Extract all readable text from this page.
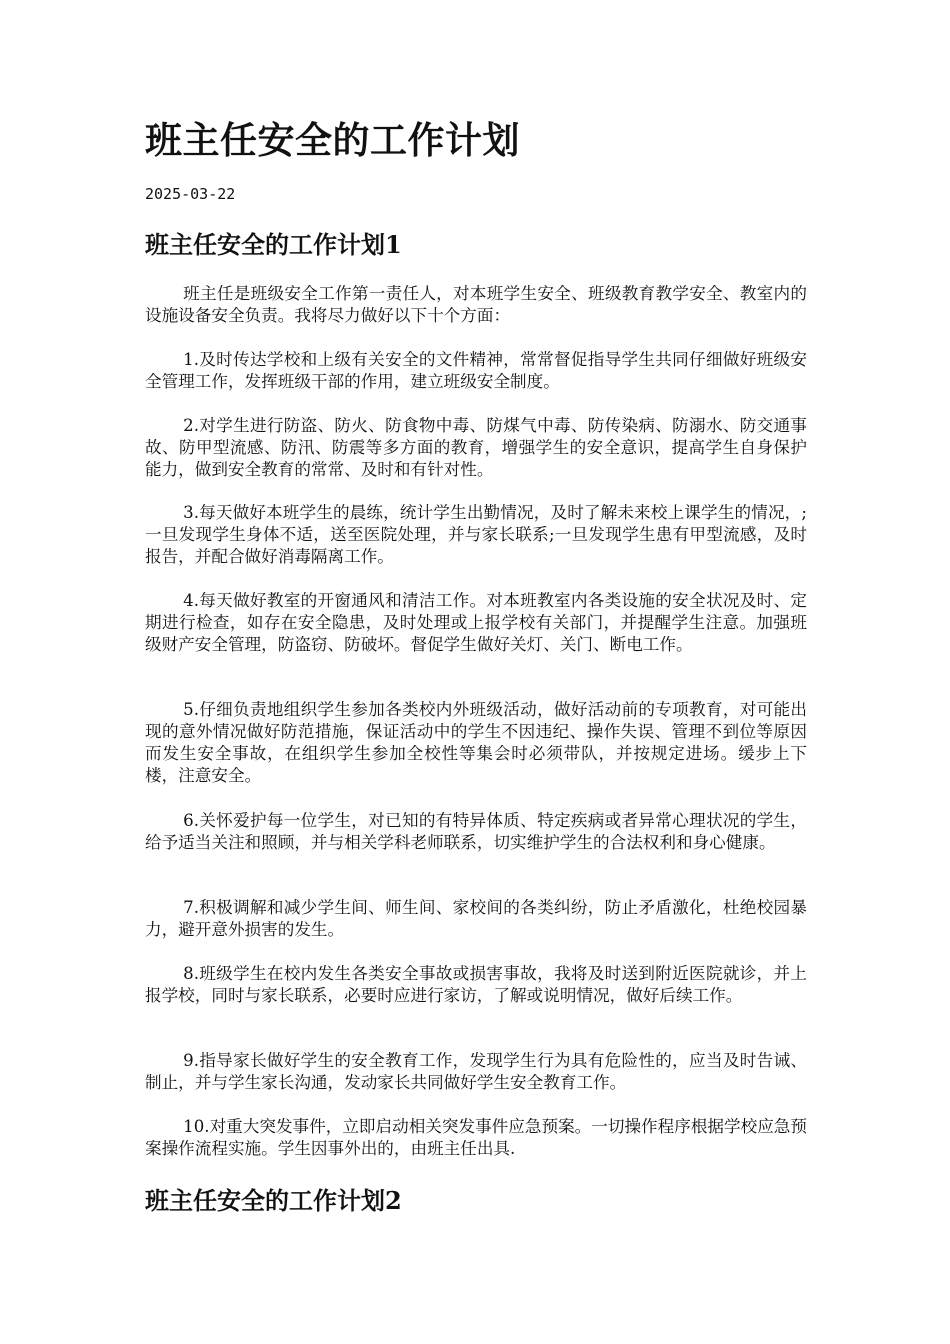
班主任安全的工作计划
2025-03-22
班主任安全的工作计划1

班主任是班级安全工作第一责任人，对本班学生安全、班级教育教学安全、教室内的设施设备安全负责。我将尽力做好以下十个方面：

1.及时传达学校和上级有关安全的文件精神，常常督促指导学生共同仔细做好班级安全管理工作，发挥班级干部的作用，建立班级安全制度。

2.对学生进行防盗、防火、防食物中毒、防煤气中毒、防传染病、防溺水、防交通事故、防甲型流感、防汛、防震等多方面的教育，增强学生的安全意识，提高学生自身保护能力，做到安全教育的常常、及时和有针对性。

3.每天做好本班学生的晨练，统计学生出勤情况，及时了解未来校上课学生的情况，;一旦发现学生身体不适，送至医院处理，并与家长联系;一旦发现学生患有甲型流感，及时报告，并配合做好消毒隔离工作。

4.每天做好教室的开窗通风和清洁工作。对本班教室内各类设施的安全状况及时、定期进行检查，如存在安全隐患，及时处理或上报学校有关部门，并提醒学生注意。加强班级财产安全管理，防盗窃、防破坏。督促学生做好关灯、关门、断电工作。

5.仔细负责地组织学生参加各类校内外班级活动，做好活动前的专项教育，对可能出现的意外情况做好防范措施，保证活动中的学生不因违纪、操作失误、管理不到位等原因而发生安全事故，在组织学生参加全校性等集会时必须带队，并按规定进场。缓步上下楼，注意安全。

6.关怀爱护每一位学生，对已知的有特异体质、特定疾病或者异常心理状况的学生，给予适当关注和照顾，并与相关学科老师联系，切实维护学生的合法权利和身心健康。

7.积极调解和减少学生间、师生间、家校间的各类纠纷，防止矛盾激化，杜绝校园暴力，避开意外损害的发生。

8.班级学生在校内发生各类安全事故或损害事故，我将及时送到附近医院就诊，并上报学校，同时与家长联系，必要时应进行家访，了解或说明情况，做好后续工作。

9.指导家长做好学生的安全教育工作，发现学生行为具有危险性的，应当及时告诫、制止，并与学生家长沟通，发动家长共同做好学生安全教育工作。

10.对重大突发事件，立即启动相关突发事件应急预案。一切操作程序根据学校应急预案操作流程实施。学生因事外出的，由班主任出具.

班主任安全的工作计划2
